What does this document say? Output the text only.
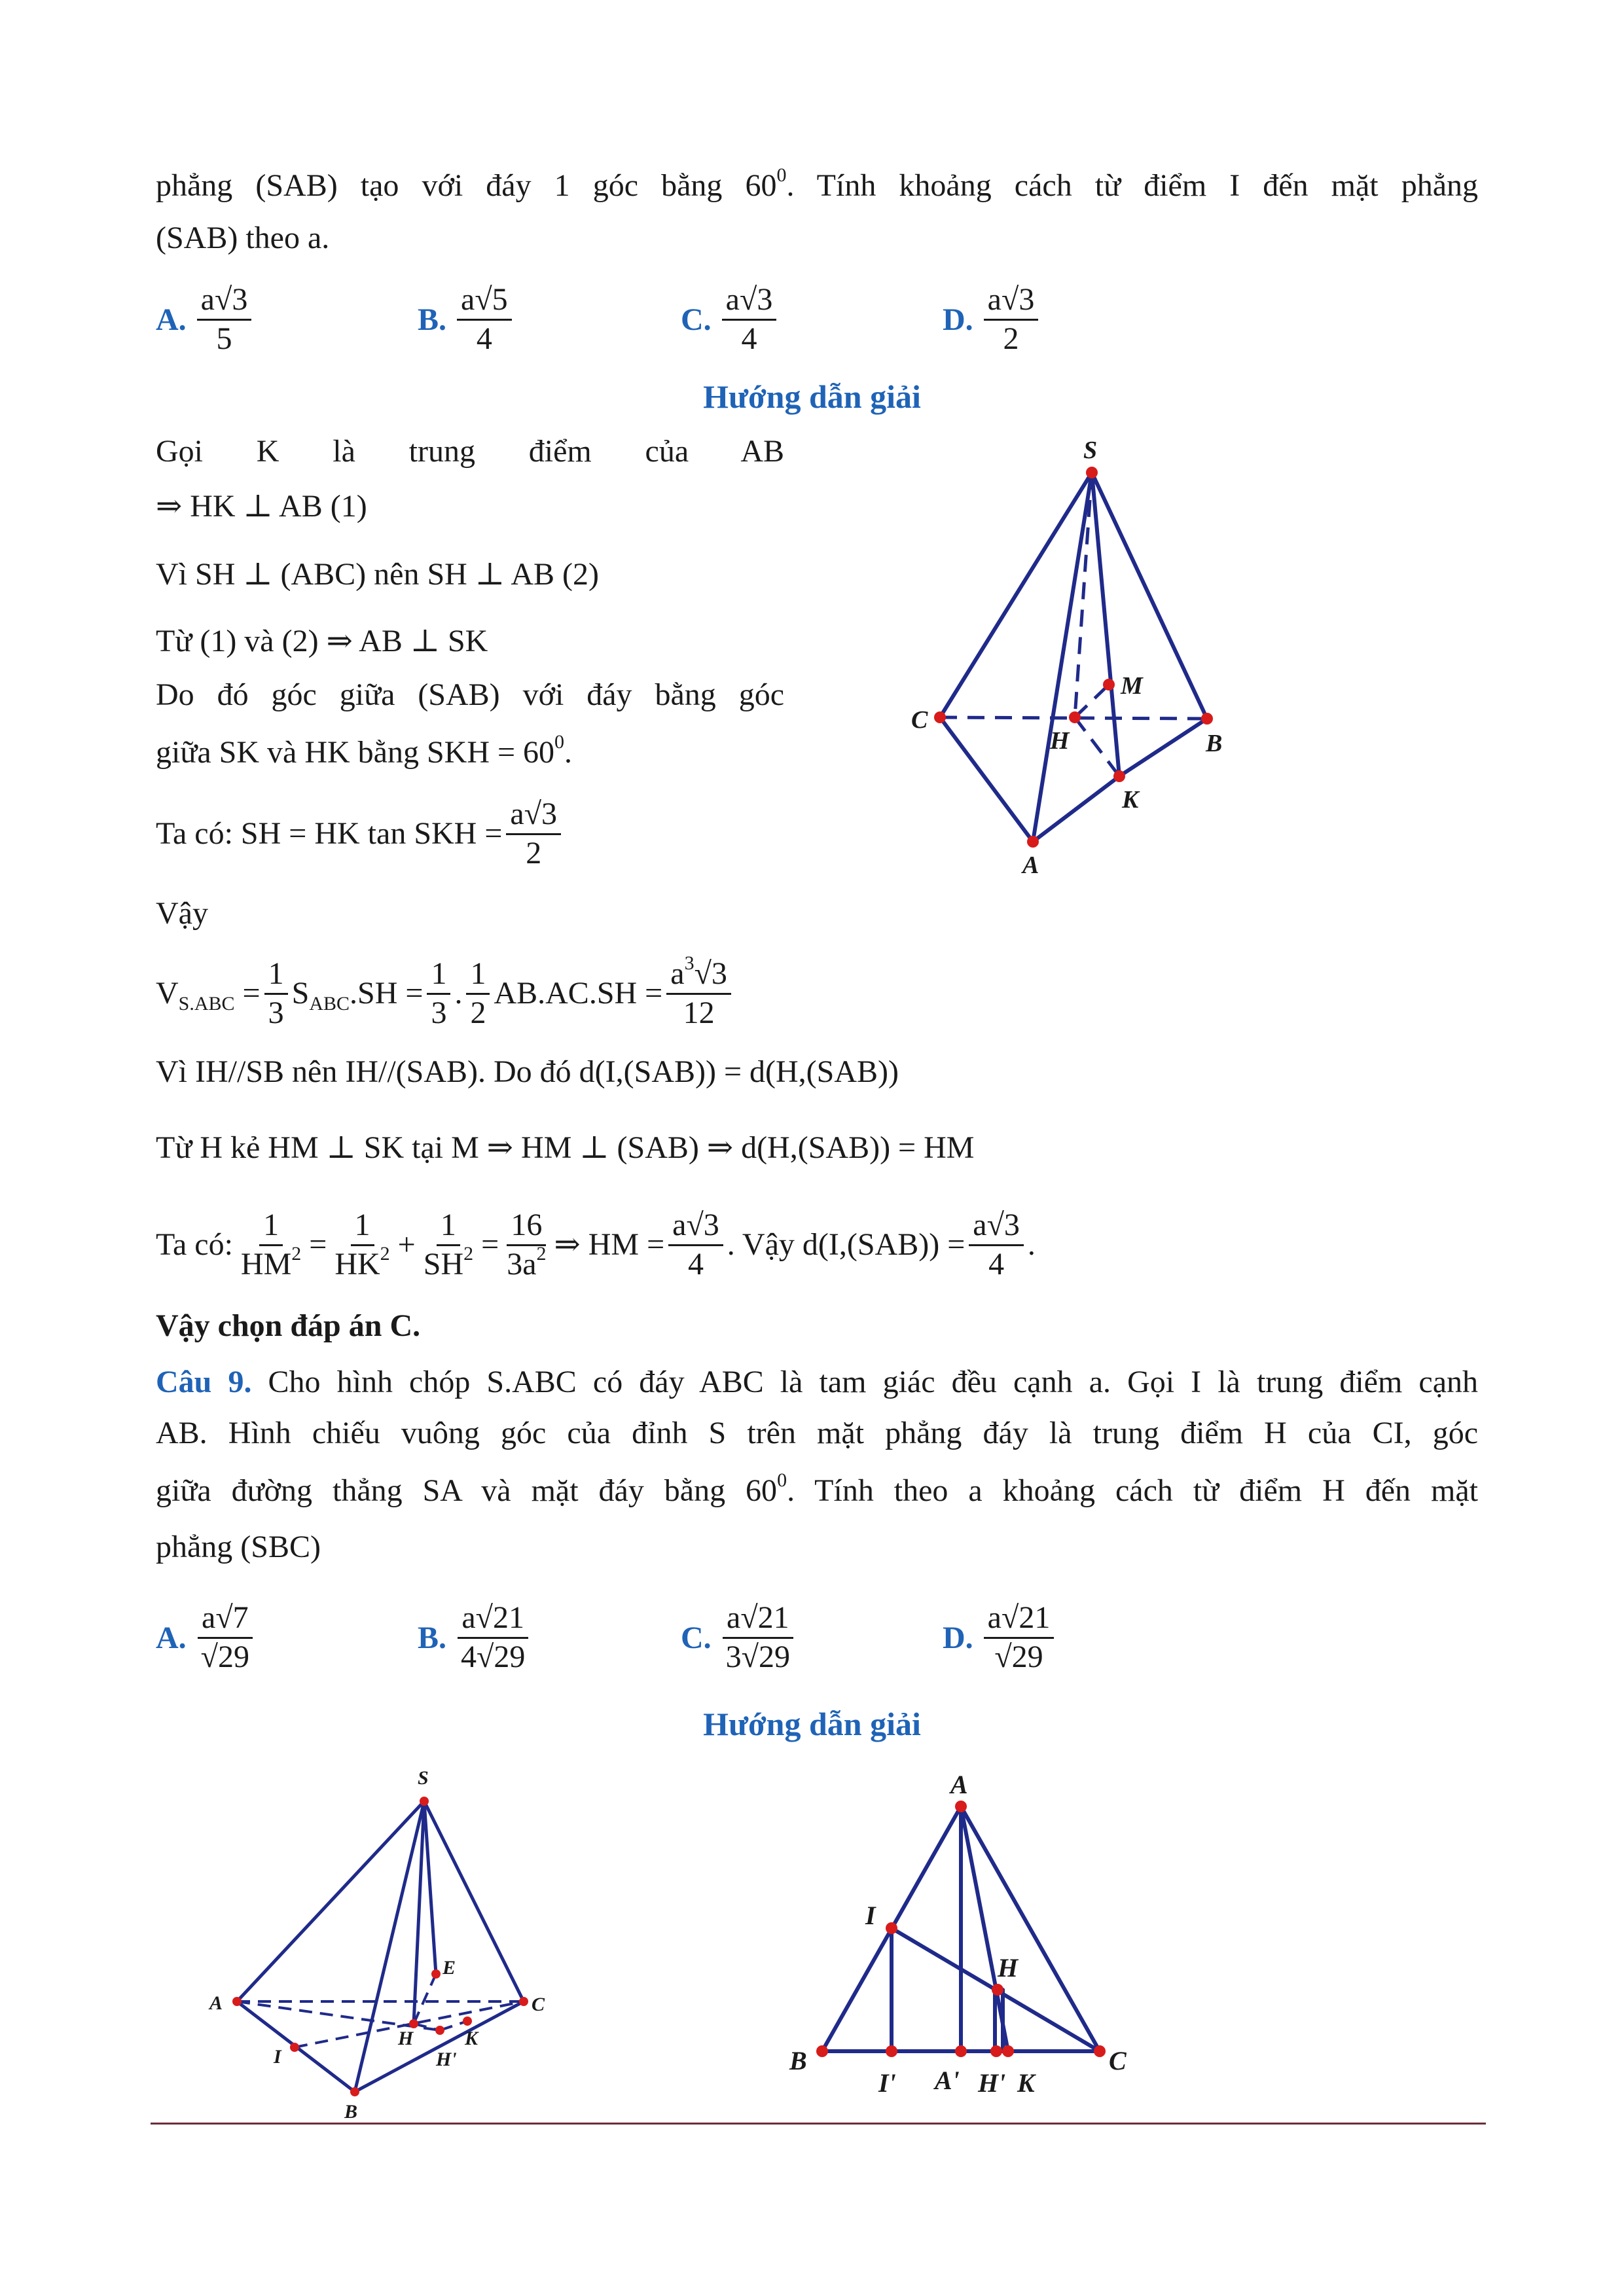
phẳng (SAB) tạo với đáy 1 góc bằng $60^0$. Tính khoảng cách từ điểm I đến mặt phẳng
(SAB) theo a.
A. $\frac{a√3}{5}$	B. $\frac{a√5}{4}$	C. $\frac{a√3}{4}$	D. $\frac{a√3}{2}$
Hướng dẫn giải
Gọi K là trung điểm của AB
⇒ HK ⊥ AB (1)
Vì SH ⊥ (ABC) nên SH ⊥ AB (2)
Từ (1) và (2) ⇒ AB ⊥ SK
Do đó góc giữa (SAB) với đáy bằng góc
giữa SK và HK bằng SKH = $60^0$.
Ta có: SH = HK tan SKH = $\frac{a√3}{2}$
Vậy
$V_{S.ABC} = \frac{1}{3} S_{ABC}.SH = \frac{1}{3}$ . $\frac{1}{2} AB.AC.SH = \frac{a^3√3}{12}$
Vì IH//SB nên IH//(SAB). Do đó d(I,(SAB)) = d(H,(SAB))
Từ H kẻ HM ⊥ SK tại M ⇒ HM ⊥ (SAB) ⇒ d(H,(SAB)) = HM
Ta có: $\frac{1}{HM^2} = \frac{1}{HK^2} + \frac{1}{SH^2} = \frac{16}{3a^2}$ ⇒ HM = $\frac{a√3}{4}$ . Vậy $d(I,(SAB)) = \frac{a√3}{4}$ .
Vậy chọn đáp án C.
S
M
C
H	B
K
A
Câu 9. Cho hình chóp S.ABC có đáy ABC là tam giác đều cạnh a. Gọi I là trung điểm cạnh
AB. Hình chiếu vuông góc của đỉnh S trên mặt phẳng đáy là trung điểm H của CI, góc
giữa đường thẳng SA và mặt đáy bằng $60^0$. Tính theo a khoảng cách từ điểm H đến mặt
phẳng (SBC)
A. $\frac{a√7}{√29}$	B. $\frac{a√21}{4√29}$	C. $\frac{a√21}{3√29}$	D. $\frac{a√21}{√29}$
Hướng dẫn giải
S
E
A	C
H	K
I	H'
B
A
I
H
B	C
I' A' H' K
